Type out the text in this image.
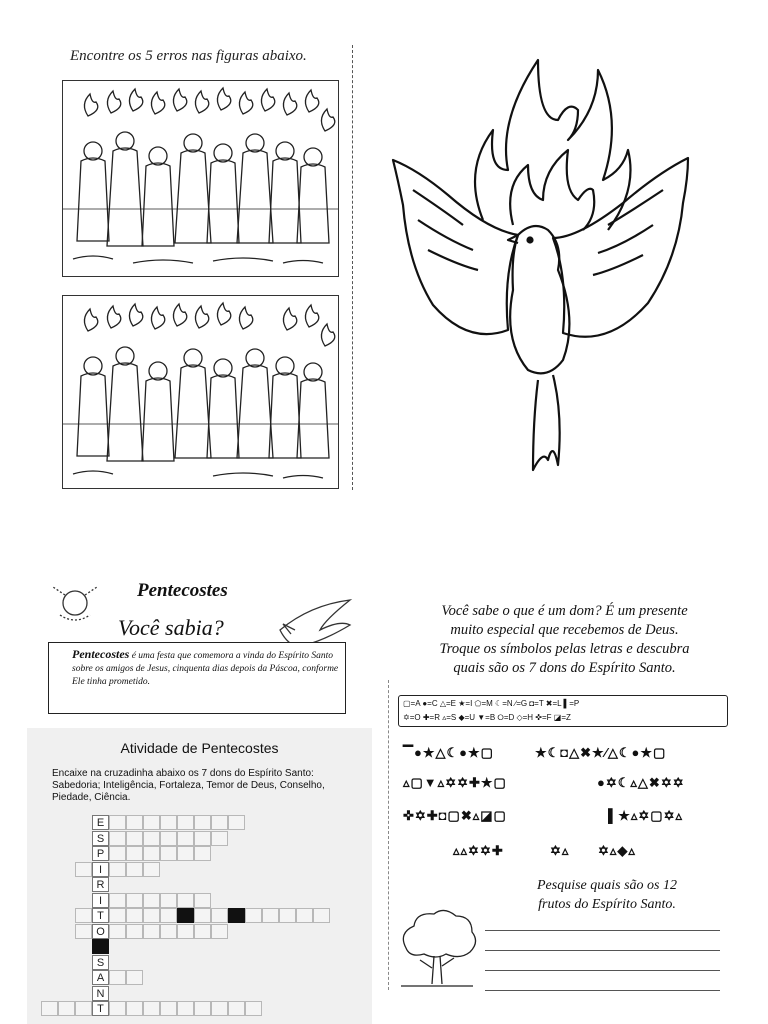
Encontre os 5 erros nas figuras abaixo.
Pentecostes
Você sabia?
Pentecostes é uma festa que comemora a vinda do Espírito Santo sobre os amigos de Jesus, cinquenta dias depois da Páscoa, conforme Ele tinha prometido.
Atividade de Pentecostes
Encaixe na cruzadinha abaixo os 7 dons do Espírito Santo: Sabedoria; Inteligência, Fortaleza, Temor de Deus, Conselho, Piedade, Ciência.
E
S
P
I
R
I
T
O
S
A
N
T
Você sabe o que é um dom? É um presente
muito especial que recebemos de Deus.
Troque os símbolos pelas letras e descubra
quais são os 7 dons do Espírito Santo.
▢=A ●=C △=E ★=I ⬠=M ☾=N ∕=G ◘=T ✖=L ▌=P
✡=O ✚=R ▵=S ◆=U ▼=B ⭘=D ◇=H ✜=F ◪=Z
▔●★△☾●★▢	★☾◘△✖★⁄△☾●★▢
▵▢▼▵✡✡✚★▢	●✡☾▵△✖✡✡
✜✡✚◘▢✖▵◪▢	▌★▵✡▢✡▵
▵▵✡✡✚	✡▵ ✡▵◆▵
Pesquise quais são os 12
frutos do Espírito Santo.
